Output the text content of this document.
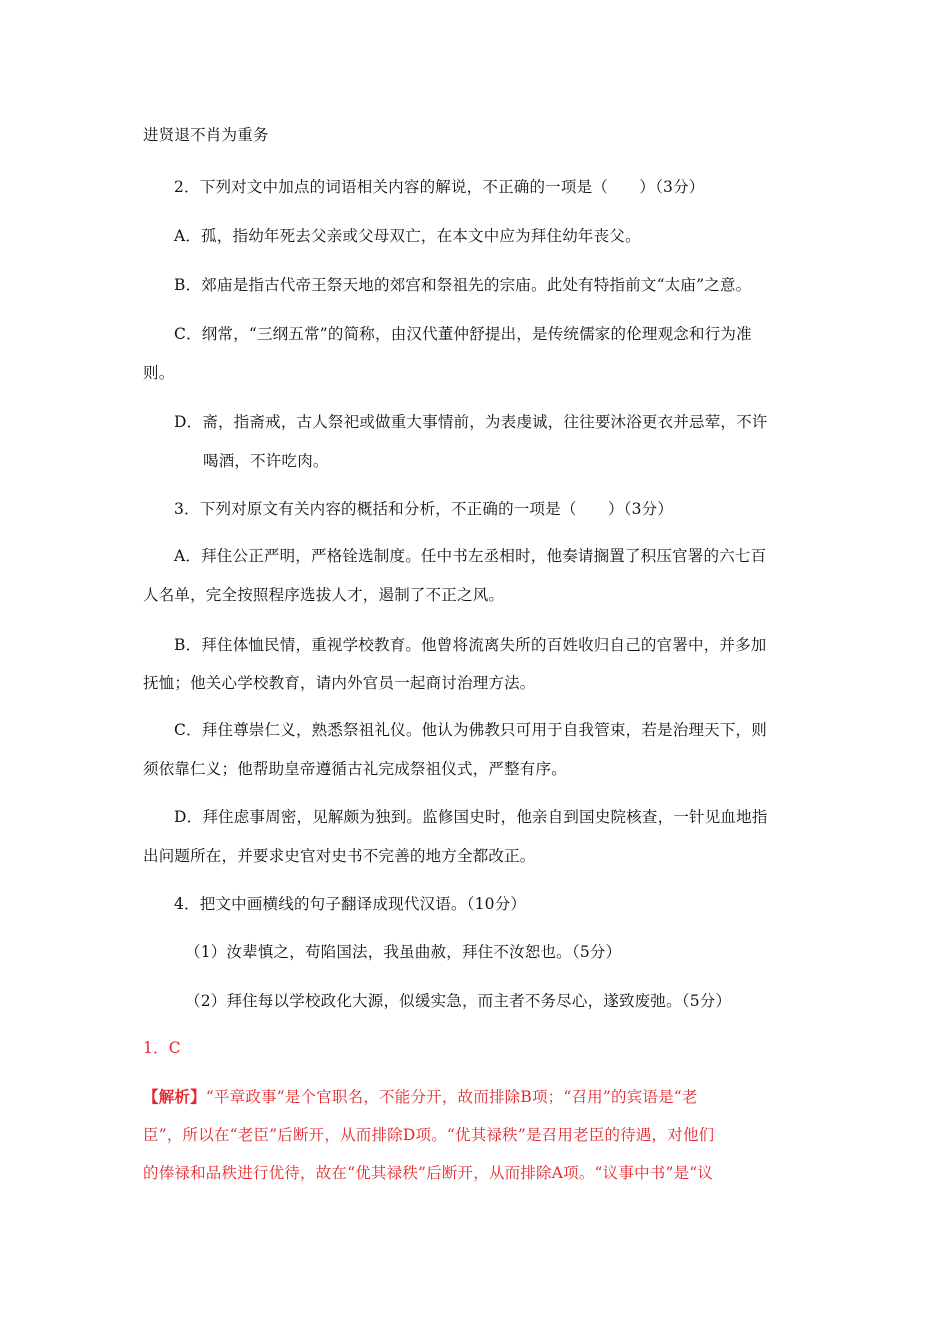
进贤退不肖为重务
2．下列对文中加点的词语相关内容的解说，不正确的一项是（　　）（3分）
A．孤，指幼年死去父亲或父母双亡，在本文中应为拜住幼年丧父。
B．郊庙是指古代帝王祭天地的郊宫和祭祖先的宗庙。此处有特指前文“太庙”之意。
C．纲常，“三纲五常”的简称，由汉代董仲舒提出，是传统儒家的伦理观念和行为准
则。
D．斋，指斋戒，古人祭祀或做重大事情前，为表虔诚，往往要沐浴更衣并忌荤，不许
喝酒，不许吃肉。
3．下列对原文有关内容的概括和分析，不正确的一项是（　　）（3分）
A．拜住公正严明，严格铨选制度。任中书左丞相时，他奏请搁置了积压官署的六七百
人名单，完全按照程序选拔人才，遏制了不正之风。
B．拜住体恤民情，重视学校教育。他曾将流离失所的百姓收归自己的官署中，并多加
抚恤；他关心学校教育，请内外官员一起商讨治理方法。
C．拜住尊崇仁义，熟悉祭祖礼仪。他认为佛教只可用于自我管束，若是治理天下，则
须依靠仁义；他帮助皇帝遵循古礼完成祭祖仪式，严整有序。
D．拜住虑事周密，见解颇为独到。监修国史时，他亲自到国史院核查，一针见血地指
出问题所在，并要求史官对史书不完善的地方全都改正。
4．把文中画横线的句子翻译成现代汉语。（10分）
（1）汝辈慎之，苟陷国法，我虽曲赦，拜住不汝恕也。（5分）
（2）拜住每以学校政化大源，似缓实急，而主者不务尽心，遂致废弛。（5分）
1．C
【解析】“平章政事”是个官职名，不能分开，故而排除B项；“召用”的宾语是“老
臣”，所以在“老臣”后断开，从而排除D项。“优其禄秩”是召用老臣的待遇，对他们
的俸禄和品秩进行优待，故在“优其禄秩”后断开，从而排除A项。“议事中书”是“议
